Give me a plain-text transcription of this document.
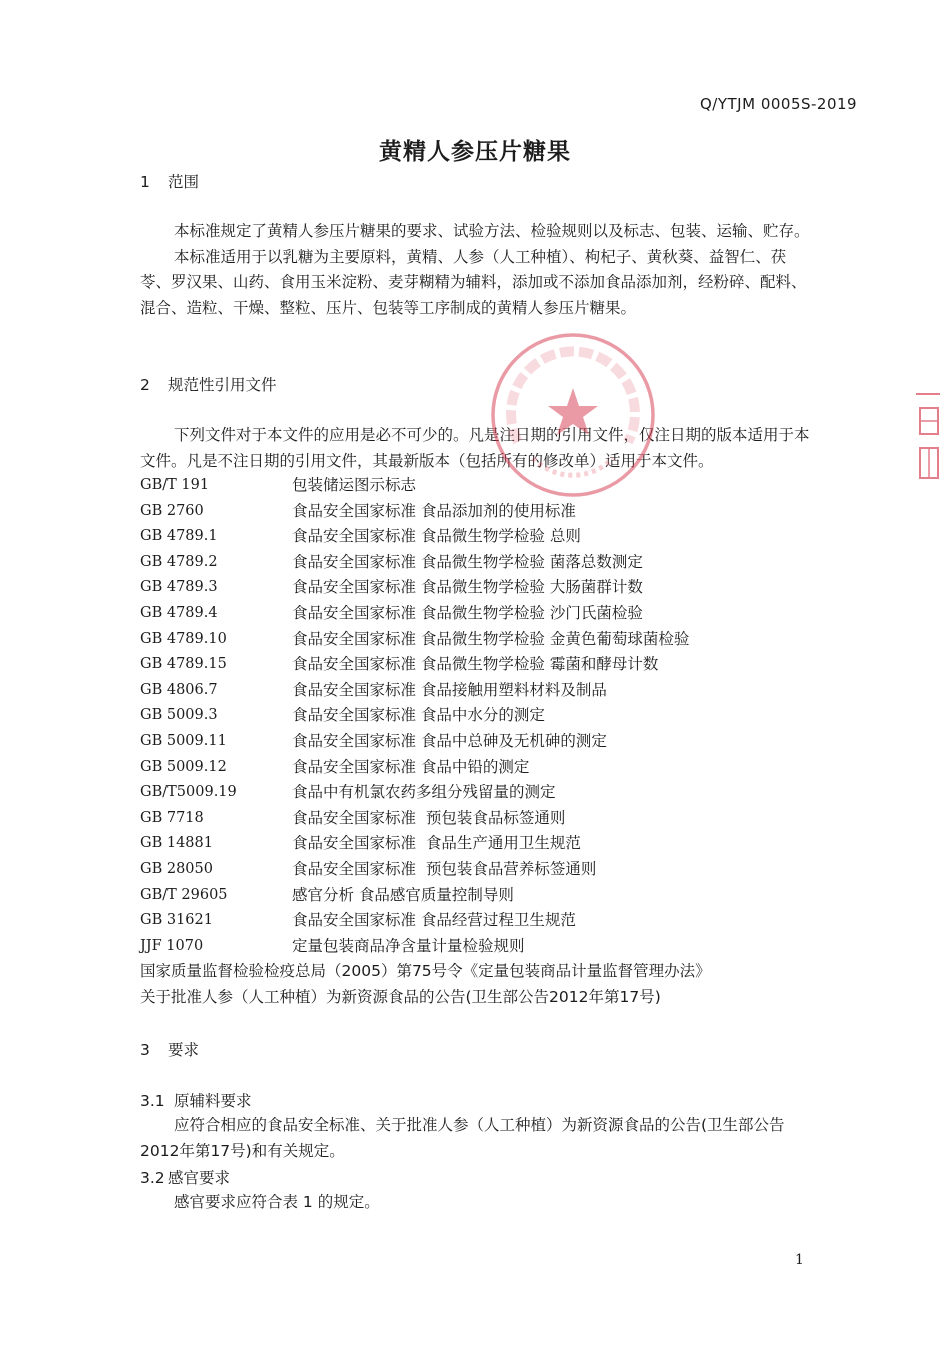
Q/YTJM 0005S-2019
黄精人参压片糖果
1 范围

本标准规定了黄精人参压片糖果的要求、试验方法、检验规则以及标志、包装、运输、贮存。

本标准适用于以乳糖为主要原料，黄精、人参（人工种植）、枸杞子、黄秋葵、益智仁、茯苓、罗汉果、山药、食用玉米淀粉、麦芽糊精为辅料，添加或不添加食品添加剂，经粉碎、配料、混合、造粒、干燥、整粒、压片、包装等工序制成的黄精人参压片糖果。

2 规范性引用文件

下列文件对于本文件的应用是必不可少的。凡是注日期的引用文件，仅注日期的版本适用于本文件。凡是不注日期的引用文件，其最新版本（包括所有的修改单）适用于本文件。

GB/T 191	包装储运图示标志
GB 2760	食品安全国家标准 食品添加剂的使用标准
GB 4789.1	食品安全国家标准 食品微生物学检验 总则
GB 4789.2	食品安全国家标准 食品微生物学检验 菌落总数测定
GB 4789.3	食品安全国家标准 食品微生物学检验 大肠菌群计数
GB 4789.4	食品安全国家标准 食品微生物学检验 沙门氏菌检验
GB 4789.10	食品安全国家标准 食品微生物学检验 金黄色葡萄球菌检验
GB 4789.15	食品安全国家标准 食品微生物学检验 霉菌和酵母计数
GB 4806.7	食品安全国家标准 食品接触用塑料材料及制品
GB 5009.3	食品安全国家标准 食品中水分的测定
GB 5009.11	食品安全国家标准 食品中总砷及无机砷的测定
GB 5009.12	食品安全国家标准 食品中铅的测定
GB/T5009.19	食品中有机氯农药多组分残留量的测定
GB 7718	食品安全国家标准  预包装食品标签通则
GB 14881	食品安全国家标准  食品生产通用卫生规范
GB 28050	食品安全国家标准  预包装食品营养标签通则
GB/T 29605	感官分析 食品感官质量控制导则
GB 31621	食品安全国家标准 食品经营过程卫生规范
JJF 1070	定量包装商品净含量计量检验规则
国家质量监督检验检疫总局（2005）第75号令《定量包装商品计量监督管理办法》
关于批准人参（人工种植）为新资源食品的公告(卫生部公告2012年第17号)
3 要求
3.1 原辅料要求

应符合相应的食品安全标准、关于批准人参（人工种植）为新资源食品的公告(卫生部公告2012年第17号)和有关规定。

3.2 感官要求

感官要求应符合表 1 的规定。

1
